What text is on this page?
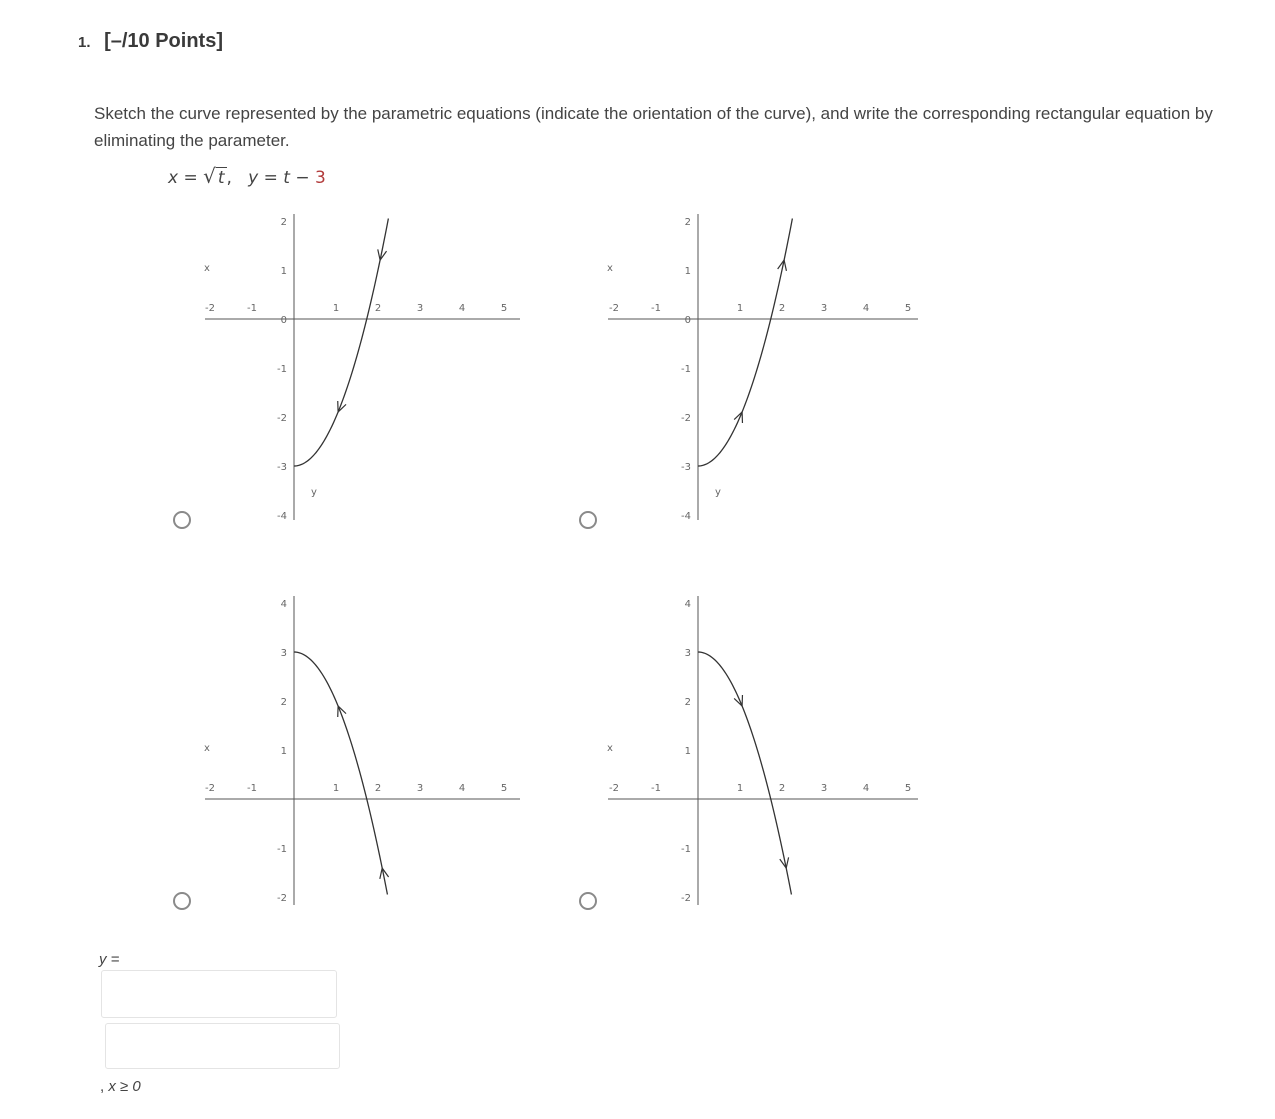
1. [–/10 Points]
Sketch the curve represented by the parametric equations (indicate the orientation of the curve), and write the corresponding rectangular equation by eliminating the parameter.
x = √ t , y = t − 3
x
y
-2	-1	1	2	3	4	5
2
1
0
-1
-2
-3
-4
x
y
-2	-1	1	2	3	4	5
2
1
0
-1
-2
-3
-4
x
-2	-1	1	2	3	4	5
4
3
2
1
-1
-2
x
-2	-1	1	2	3	4	5
4
3
2
1
-1
-2
y =
, x ≥ 0
